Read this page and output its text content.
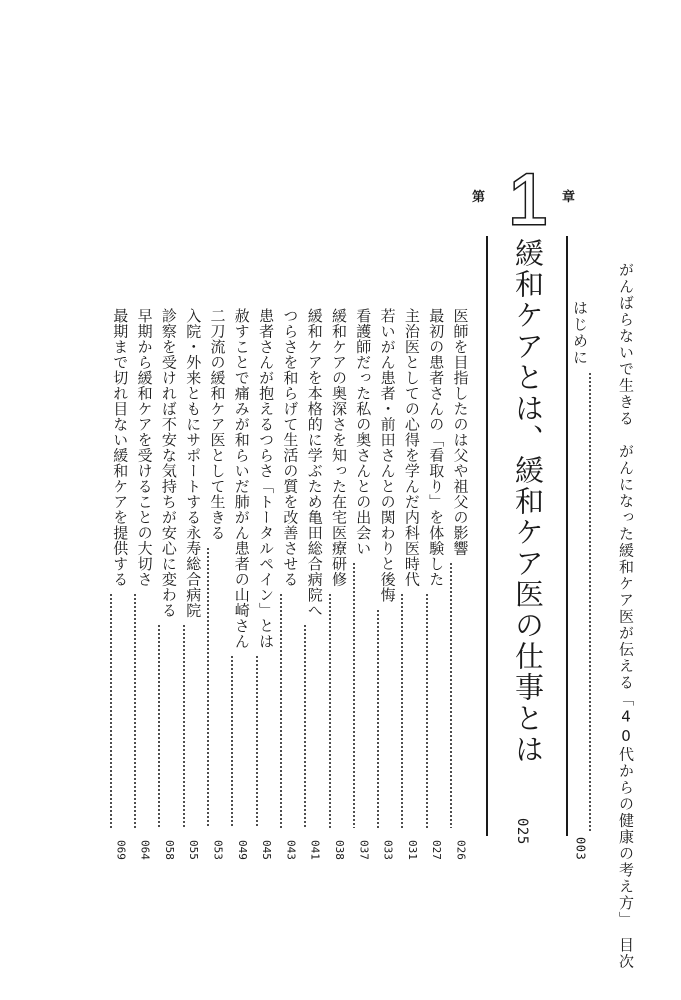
がんばらないで生きる　がんになった緩和ケア医が伝える「40代からの健康の考え方」　目次

はじめに
003
第 1 章
緩和ケアとは、緩和ケア医の仕事とは
025
医師を目指したのは父や祖父の影響
026
最初の患者さんの「看取り」を体験した
027
主治医としての心得を学んだ内科医時代
031
若いがん患者・前田さんとの関わりと後悔
033
看護師だった私の奥さんとの出会い
037
緩和ケアの奥深さを知った在宅医療研修
038
緩和ケアを本格的に学ぶため亀田総合病院へ
041
つらさを和らげて生活の質を改善させる
043
患者さんが抱えるつらさ「トータルペイン」とは
045
赦すことで痛みが和らいだ肺がん患者の山崎さん
049
二刀流の緩和ケア医として生きる
053
入院・外来ともにサポートする永寿総合病院
055
診察を受ければ不安な気持ちが安心に変わる
058
早期から緩和ケアを受けることの大切さ
064
最期まで切れ目ない緩和ケアを提供する
069
